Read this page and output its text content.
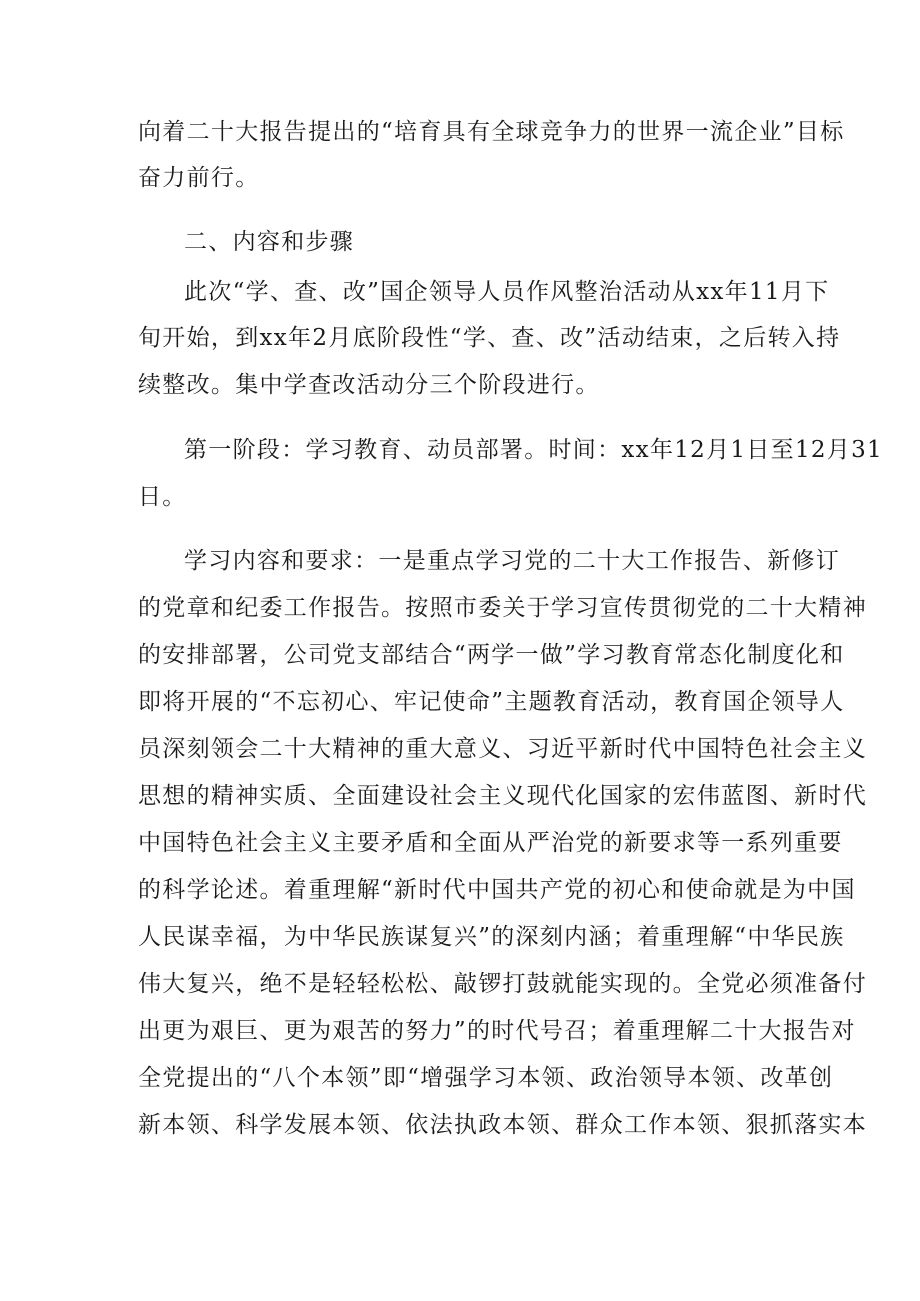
向着二十大报告提出的“培育具有全球竞争力的世界一流企业”目标
奋力前行。
二、内容和步骤
此次“学、查、改”国企领导人员作风整治活动从xx年11月下
旬开始，到xx年2月底阶段性“学、查、改”活动结束，之后转入持
续整改。集中学查改活动分三个阶段进行。
第一阶段：学习教育、动员部署。时间：xx年12月1日至12月31
日。
学习内容和要求：一是重点学习党的二十大工作报告、新修订
的党章和纪委工作报告。按照市委关于学习宣传贯彻党的二十大精神
的安排部署，公司党支部结合“两学一做”学习教育常态化制度化和
即将开展的“不忘初心、牢记使命”主题教育活动，教育国企领导人
员深刻领会二十大精神的重大意义、习近平新时代中国特色社会主义
思想的精神实质、全面建设社会主义现代化国家的宏伟蓝图、新时代
中国特色社会主义主要矛盾和全面从严治党的新要求等一系列重要
的科学论述。着重理解“新时代中国共产党的初心和使命就是为中国
人民谋幸福，为中华民族谋复兴”的深刻内涵；着重理解“中华民族
伟大复兴，绝不是轻轻松松、敲锣打鼓就能实现的。全党必须准备付
出更为艰巨、更为艰苦的努力”的时代号召；着重理解二十大报告对
全党提出的“八个本领”即“增强学习本领、政治领导本领、改革创
新本领、科学发展本领、依法执政本领、群众工作本领、狠抓落实本
